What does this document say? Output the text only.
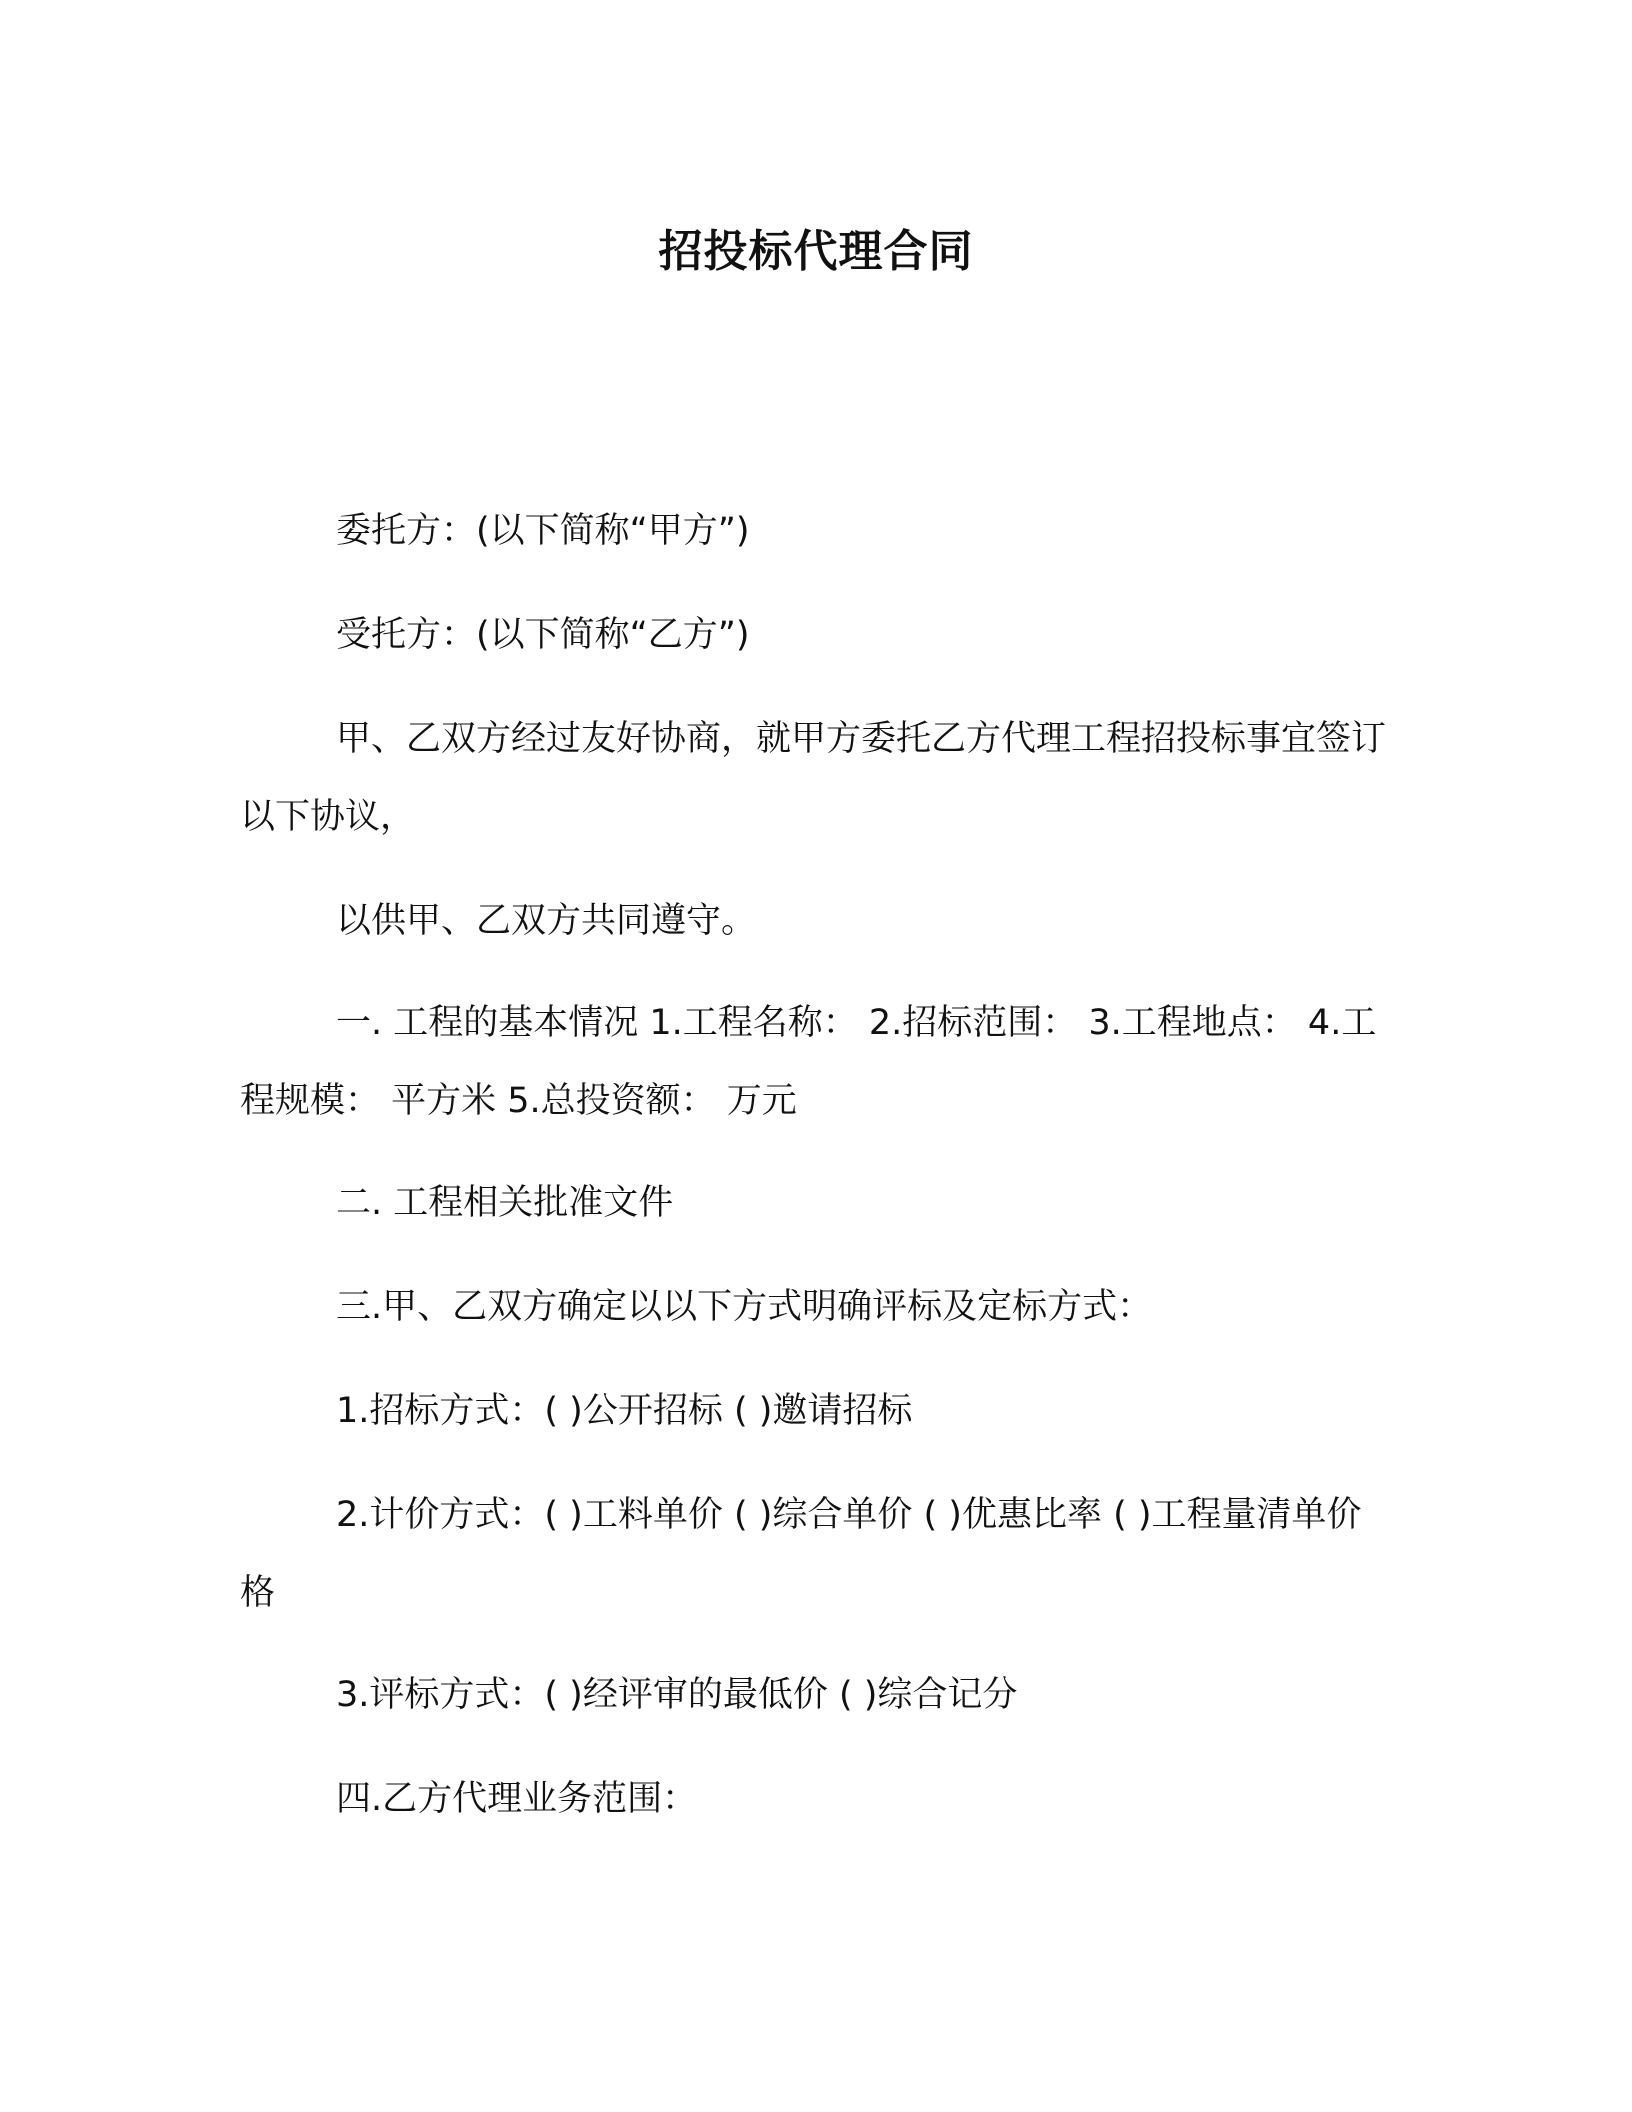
招投标代理合同
委托方：(以下简称“甲方”)
受托方：(以下简称“乙方”)
甲、乙双方经过友好协商，就甲方委托乙方代理工程招投标事宜签订以下协议，
以供甲、乙双方共同遵守。
一. 工程的基本情况 1.工程名称： 2.招标范围： 3.工程地点： 4.工程规模： 平方米 5.总投资额： 万元
二. 工程相关批准文件
三.甲、乙双方确定以以下方式明确评标及定标方式：
1.招标方式：( )公开招标 ( )邀请招标
2.计价方式：( )工料单价 ( )综合单价 ( )优惠比率 ( )工程量清单价格
3.评标方式：( )经评审的最低价 ( )综合记分
四.乙方代理业务范围：
